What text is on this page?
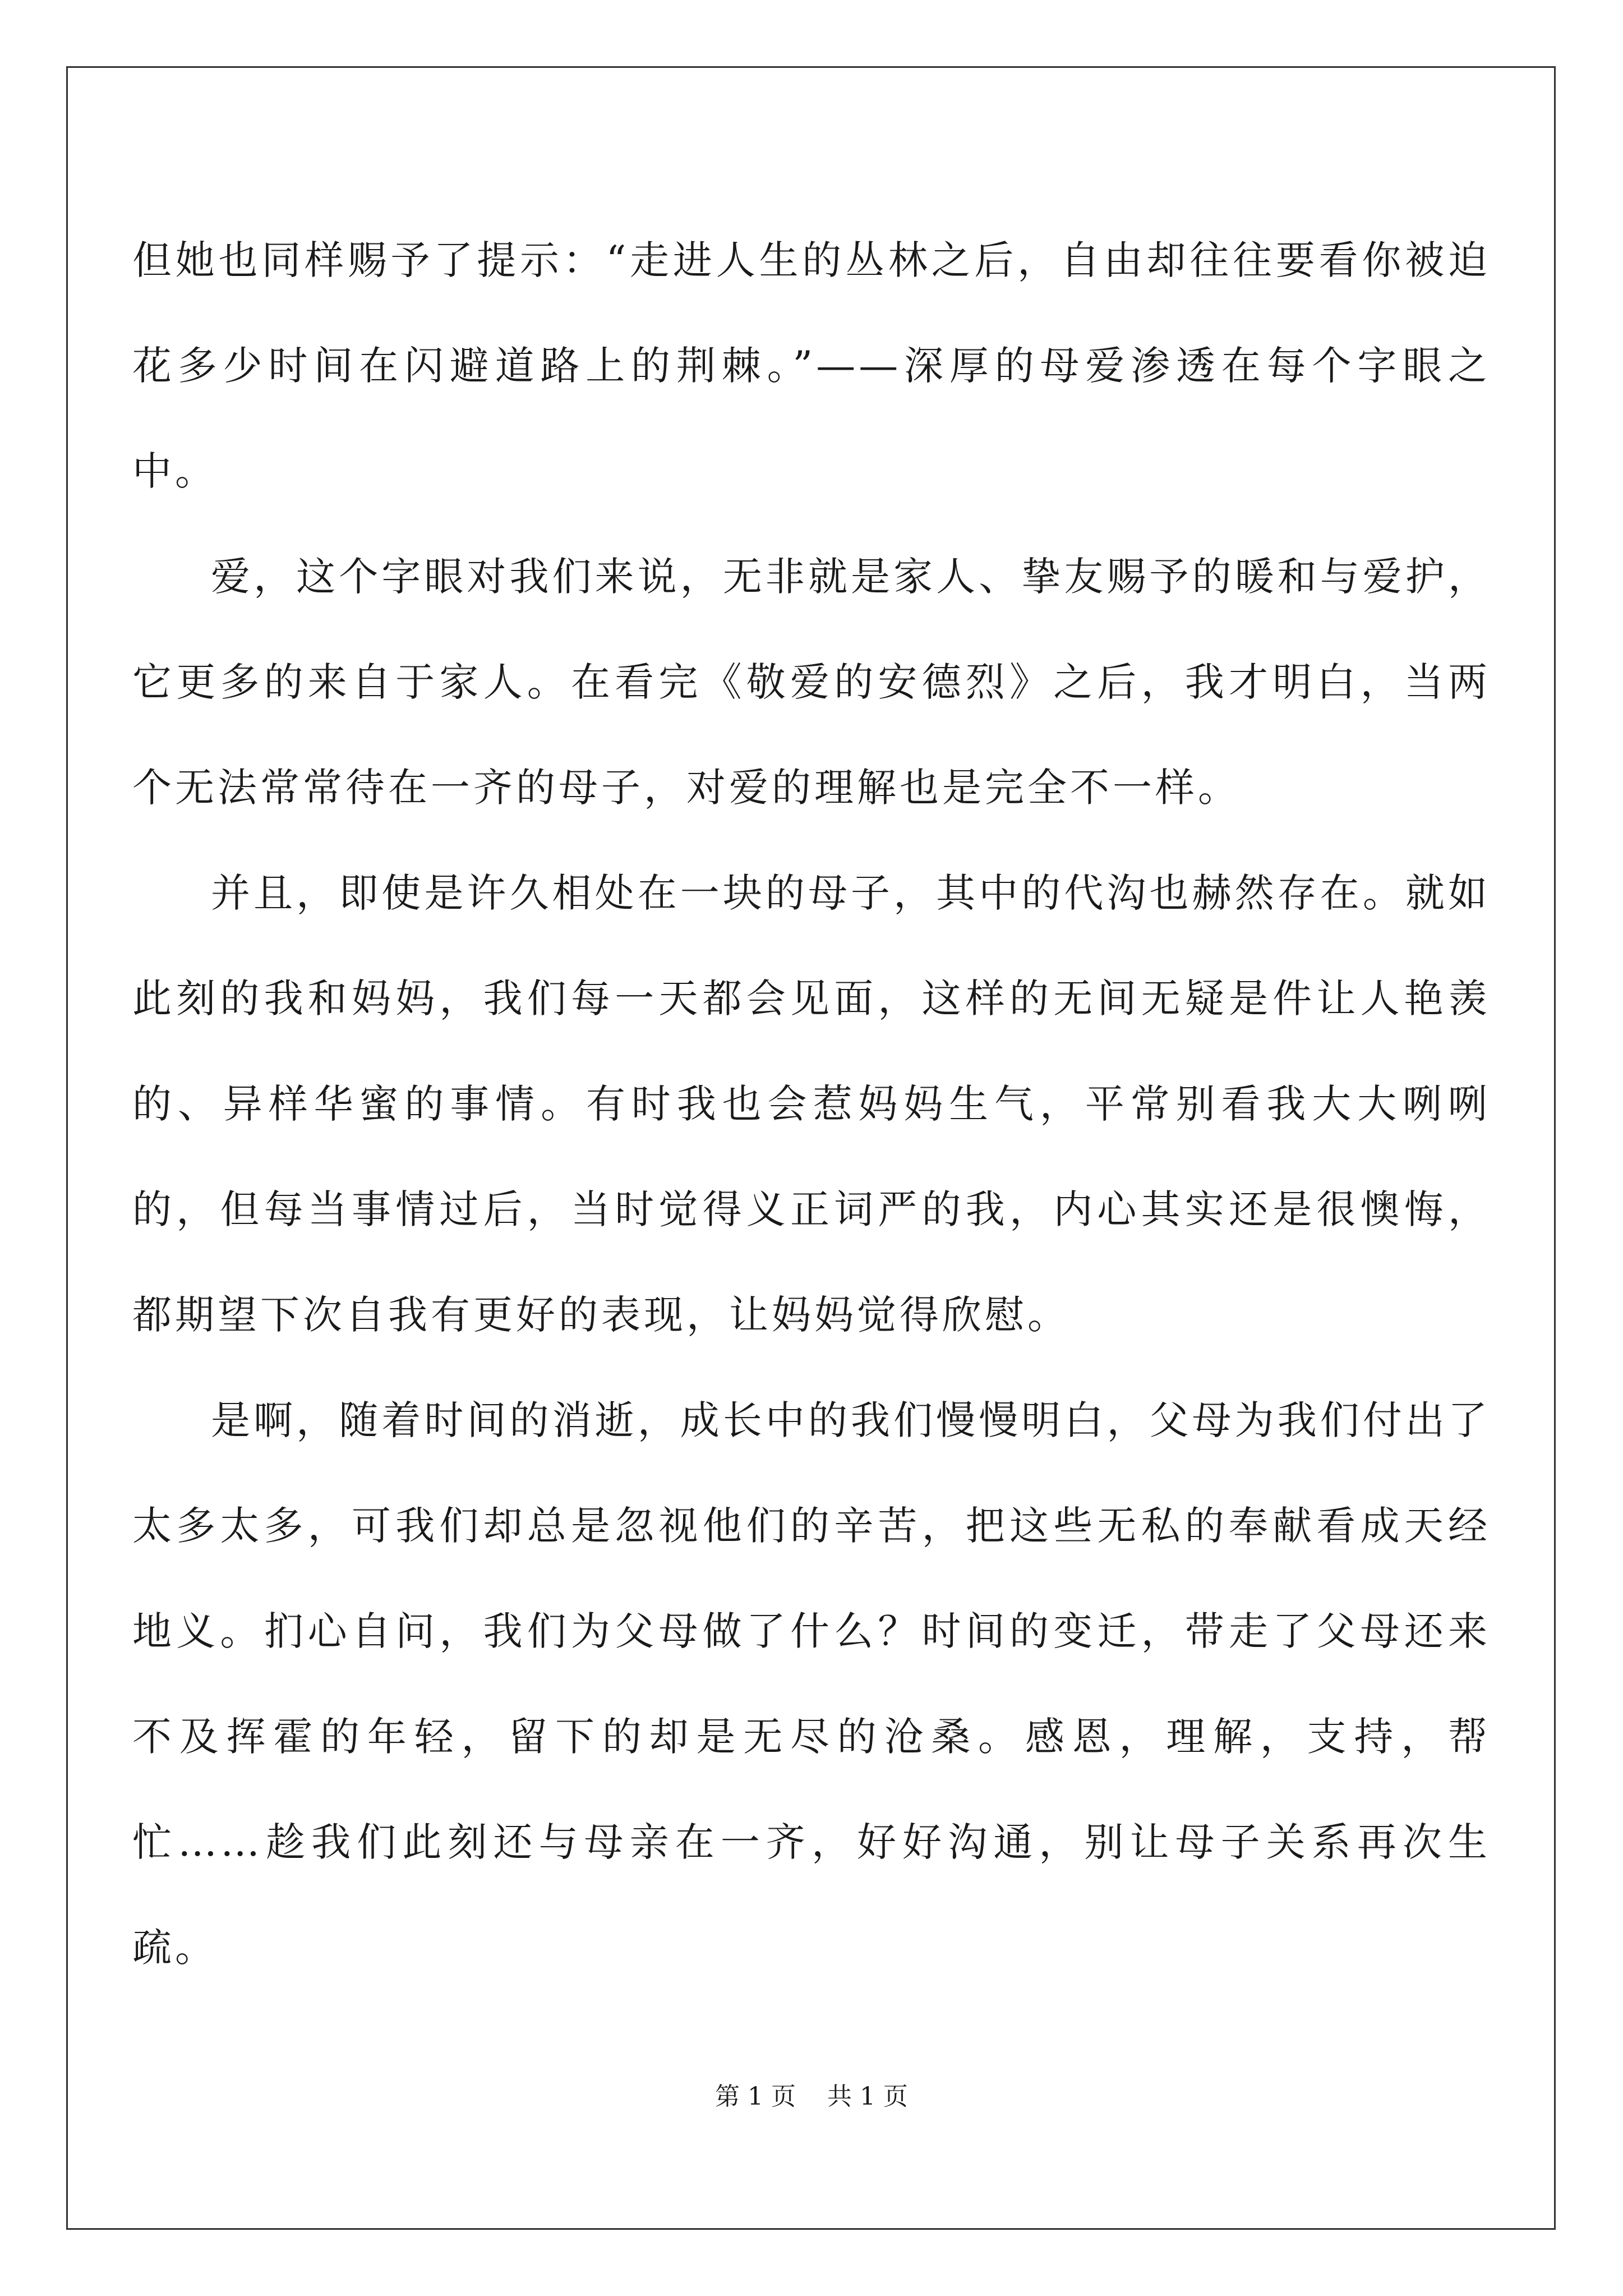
但她也同样赐予了提示：“走进人生的丛林之后，自由却往往要看你被迫花多少时间在闪避道路上的荆棘。”——深厚的母爱渗透在每个字眼之中。

爱，这个字眼对我们来说，无非就是家人、挚友赐予的暖和与爱护，它更多的来自于家人。在看完《敬爱的安德烈》之后，我才明白，当两个无法常常待在一齐的母子，对爱的理解也是完全不一样。

并且，即使是许久相处在一块的母子，其中的代沟也赫然存在。就如此刻的我和妈妈，我们每一天都会见面，这样的无间无疑是件让人艳羡的、异样华蜜的事情。有时我也会惹妈妈生气，平常别看我大大咧咧的，但每当事情过后，当时觉得义正词严的我，内心其实还是很懊悔，都期望下次自我有更好的表现，让妈妈觉得欣慰。

是啊，随着时间的消逝，成长中的我们慢慢明白，父母为我们付出了太多太多，可我们却总是忽视他们的辛苦，把这些无私的奉献看成天经地义。扪心自问，我们为父母做了什么？时间的变迁，带走了父母还来不及挥霍的年轻，留下的却是无尽的沧桑。感恩，理解，支持，帮忙……趁我们此刻还与母亲在一齐，好好沟通，别让母子关系再次生疏。

第 1 页    共 1 页
